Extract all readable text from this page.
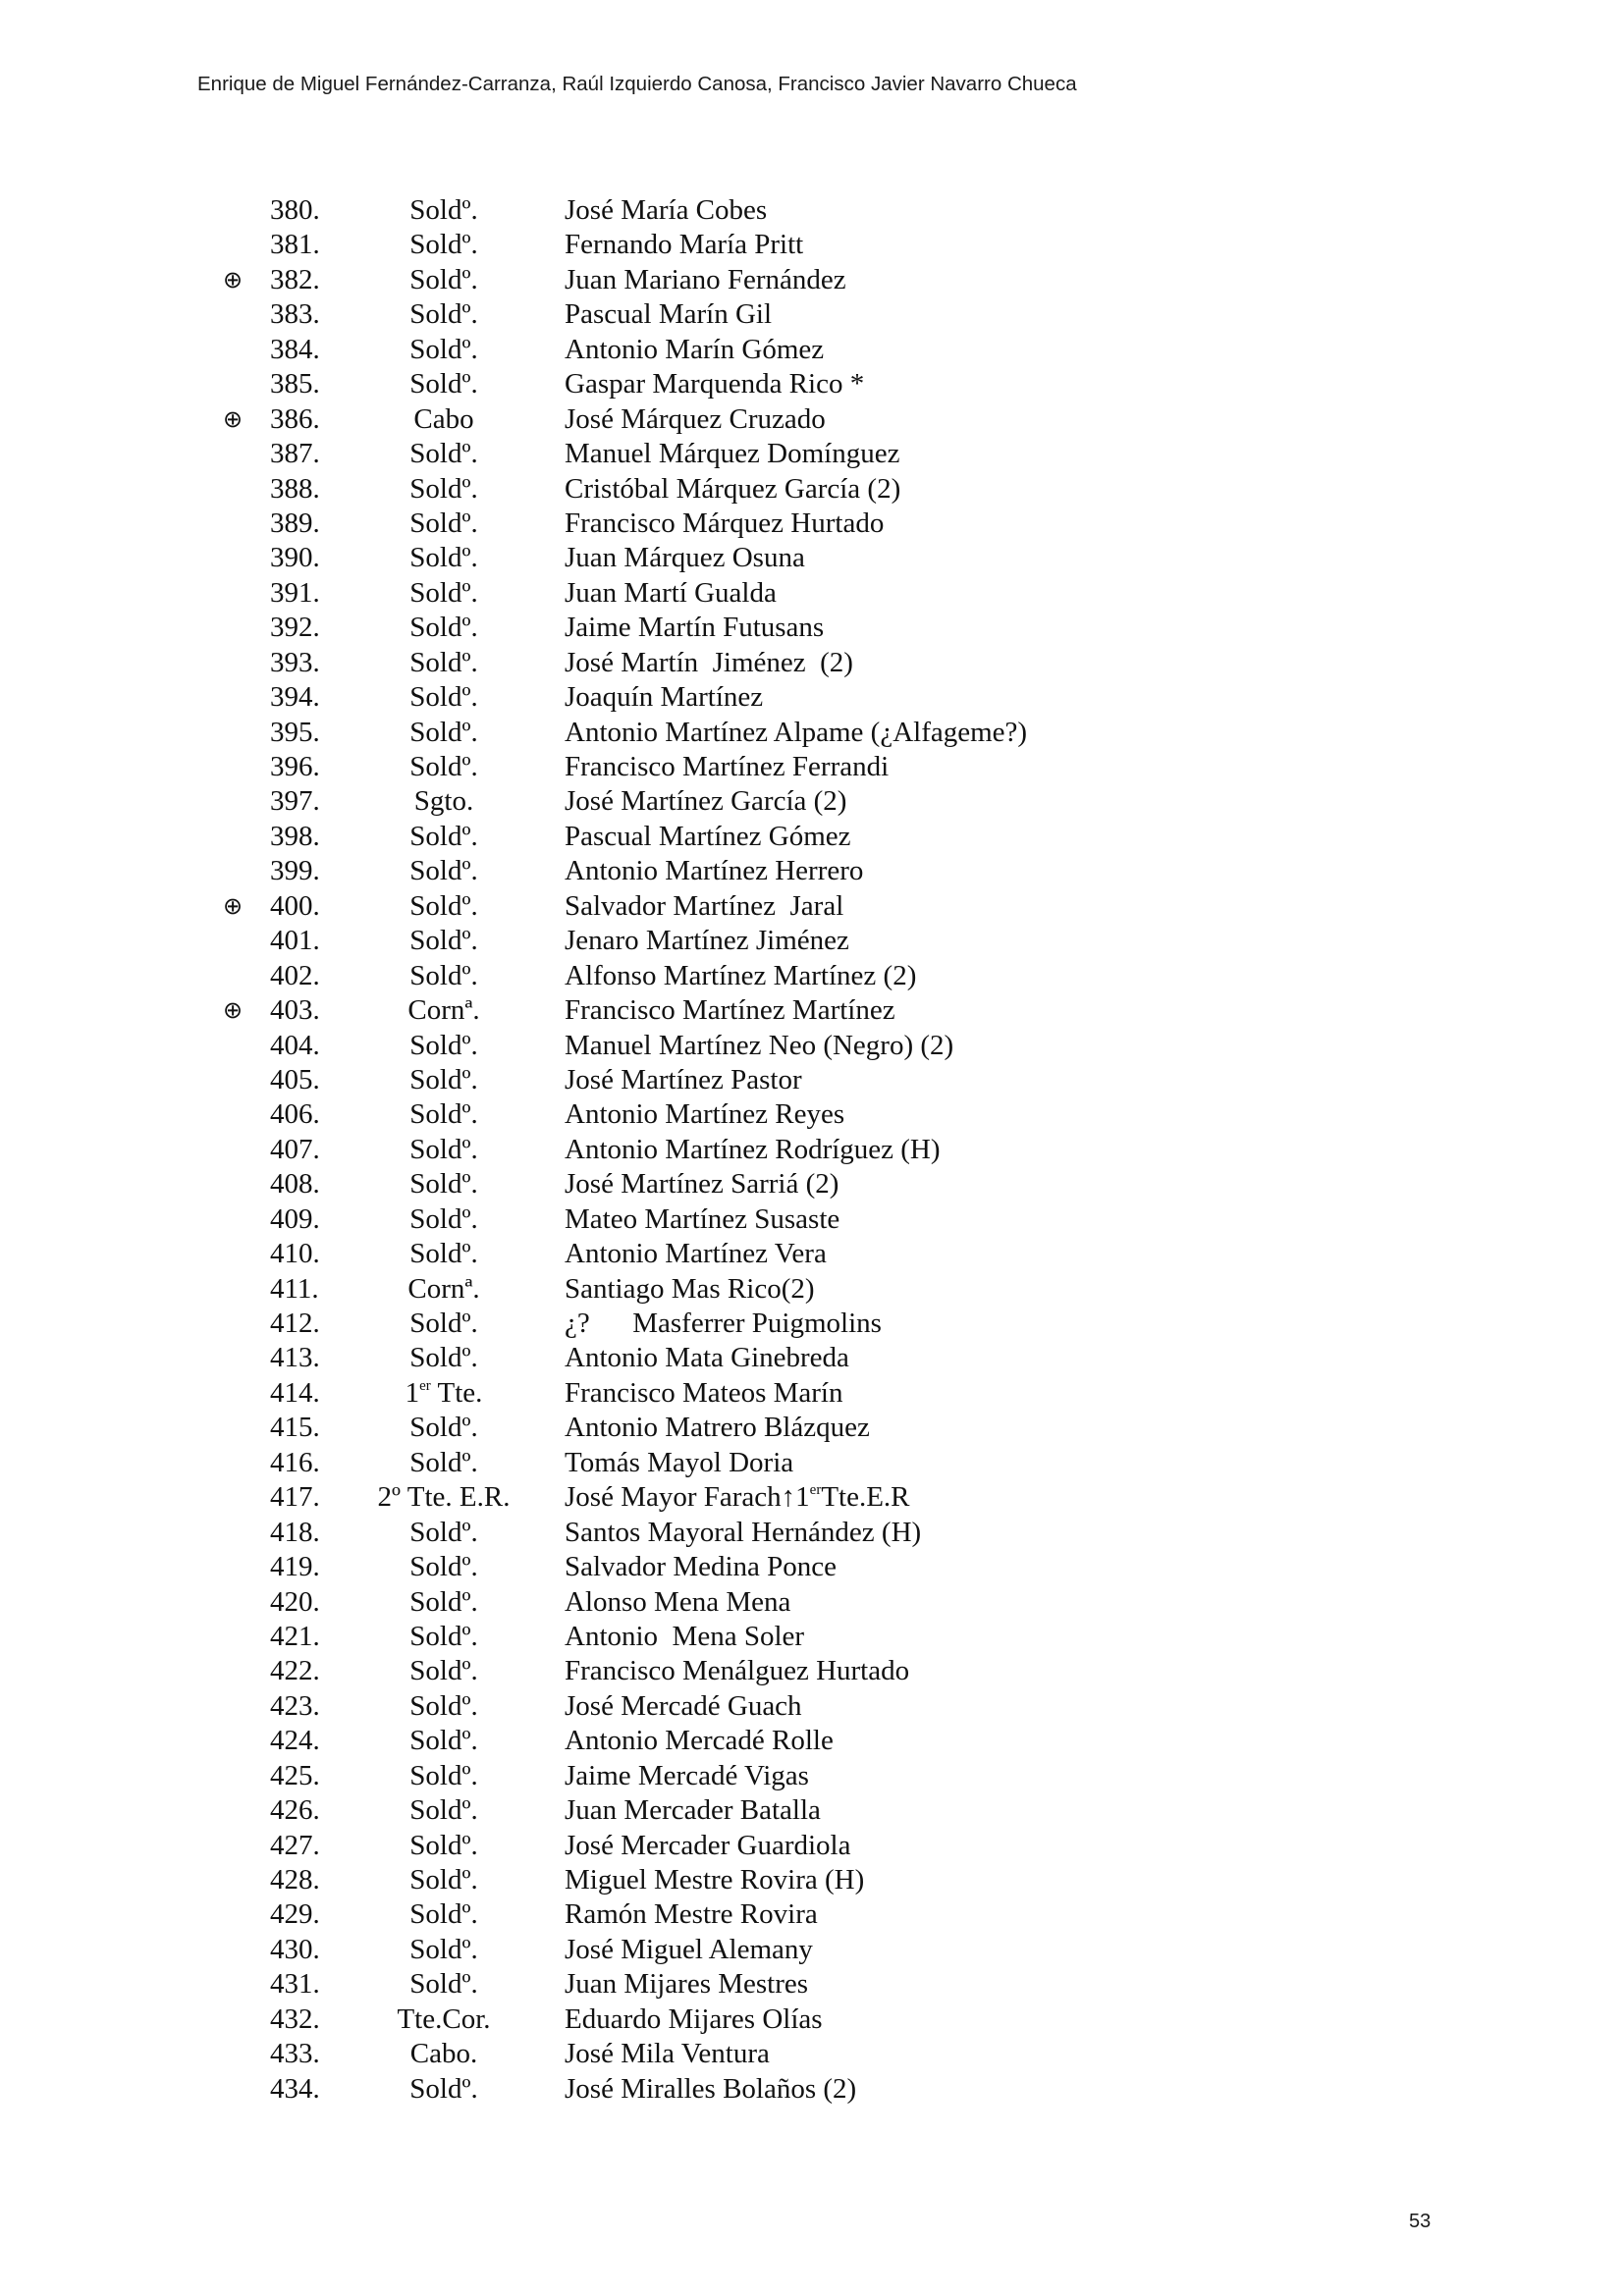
Enrique de Miguel Fernández-Carranza, Raúl Izquierdo Canosa, Francisco Javier Navarro Chueca
380.	Soldº.	José María Cobes
381.	Soldº.	Fernando María Pritt
⊕ 382.	Soldº.	Juan Mariano Fernández
383.	Soldº.	Pascual Marín Gil
384.	Soldº.	Antonio Marín Gómez
385.	Soldº.	Gaspar Marquenda Rico *
⊕ 386.	Cabo	José Márquez Cruzado
387.	Soldº.	Manuel Márquez Domínguez
388.	Soldº.	Cristóbal Márquez García (2)
389.	Soldº.	Francisco Márquez Hurtado
390.	Soldº.	Juan Márquez Osuna
391.	Soldº.	Juan Martí Gualda
392.	Soldº.	Jaime Martín Futusans
393.	Soldº.	José Martín  Jiménez  (2)
394.	Soldº.	Joaquín Martínez
395.	Soldº.	Antonio Martínez Alpame (¿Alfageme?)
396.	Soldº.	Francisco Martínez Ferrandi
397.	Sgto.	José Martínez García (2)
398.	Soldº.	Pascual Martínez Gómez
399.	Soldº.	Antonio Martínez Herrero
⊕ 400.	Soldº.	Salvador Martínez  Jaral
401.	Soldº.	Jenaro Martínez Jiménez
402.	Soldº.	Alfonso Martínez Martínez (2)
⊕ 403.	Cornª.	Francisco Martínez Martínez
404.	Soldº.	Manuel Martínez Neo (Negro) (2)
405.	Soldº.	José Martínez Pastor
406.	Soldº.	Antonio Martínez Reyes
407.	Soldº.	Antonio Martínez Rodríguez (H)
408.	Soldº.	José Martínez Sarriá (2)
409.	Soldº.	Mateo Martínez Susaste
410.	Soldº.	Antonio Martínez Vera
411.	Cornª.	Santiago Mas Rico(2)
412.	Soldº.	¿?      Masferrer Puigmolins
413.	Soldº.	Antonio Mata Ginebreda
414.	1er Tte.	Francisco Mateos Marín
415.	Soldº.	Antonio Matrero Blázquez
416.	Soldº.	Tomás Mayol Doria
417.	2º Tte. E.R.	José Mayor Farach↑1erTte.E.R
418.	Soldº.	Santos Mayoral Hernández (H)
419.	Soldº.	Salvador Medina Ponce
420.	Soldº.	Alonso Mena Mena
421.	Soldº.	Antonio  Mena Soler
422.	Soldº.	Francisco Menálguez Hurtado
423.	Soldº.	José Mercadé Guach
424.	Soldº.	Antonio Mercadé Rolle
425.	Soldº.	Jaime Mercadé Vigas
426.	Soldº.	Juan Mercader Batalla
427.	Soldº.	José Mercader Guardiola
428.	Soldº.	Miguel Mestre Rovira (H)
429.	Soldº.	Ramón Mestre Rovira
430.	Soldº.	José Miguel Alemany
431.	Soldº.	Juan Mijares Mestres
432.	Tte.Cor.	Eduardo Mijares Olías
433.	Cabo.	José Mila Ventura
434.	Soldº.	José Miralles Bolaños (2)
53
